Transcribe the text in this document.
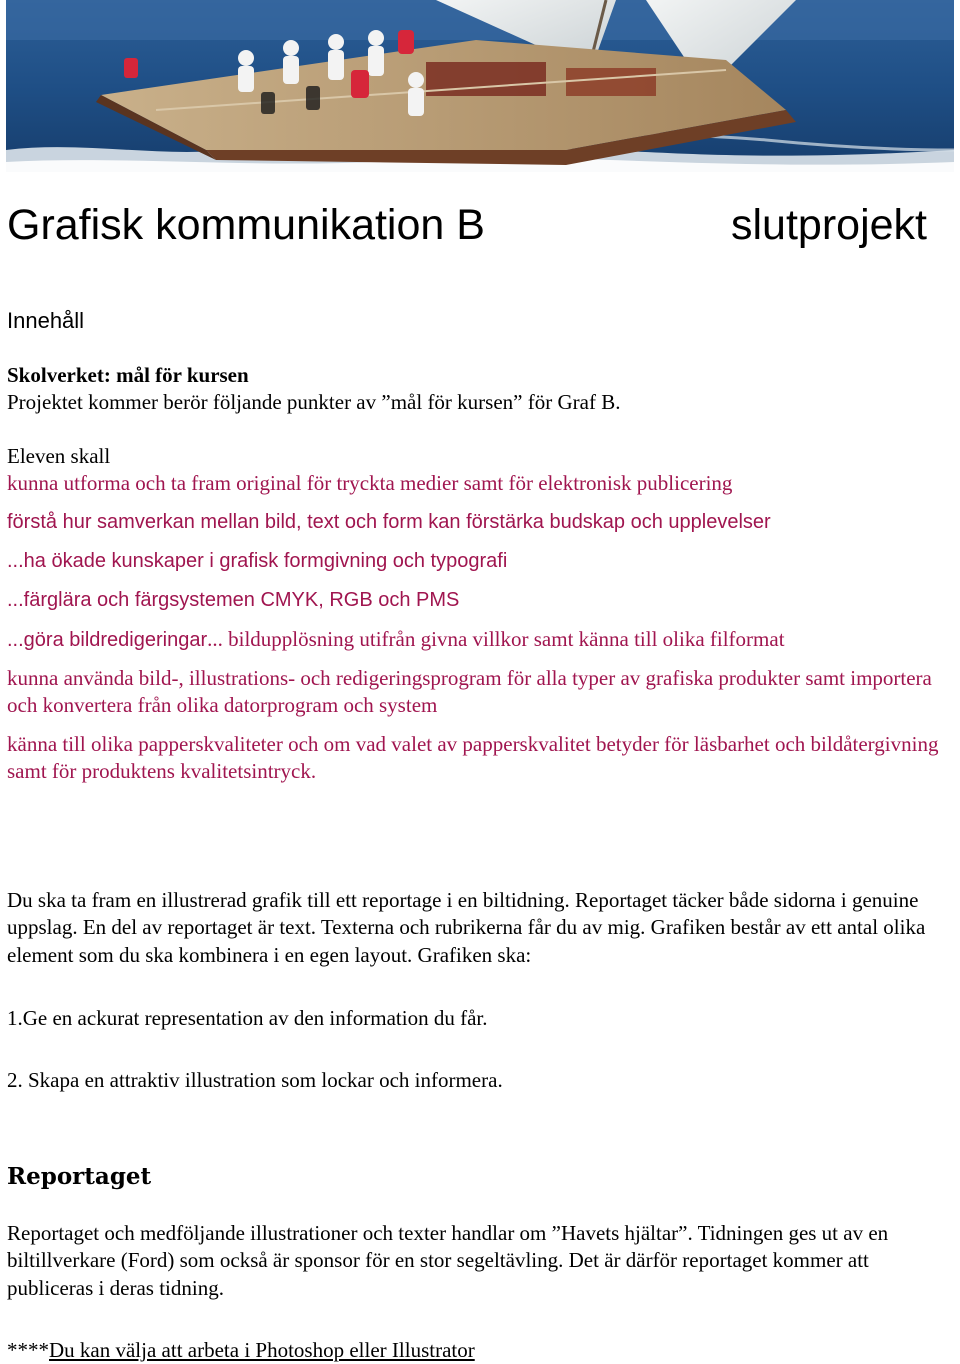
Grafisk kommunikation B	slutprojekt
Innehåll
Skolverket: mål för kursen
Projektet kommer berör följande punkter av ”mål för kursen” för Graf B.
Eleven skall
kunna utforma och ta fram original för tryckta medier samt för elektronisk publicering
förstå hur samverkan mellan bild, text och form kan förstärka budskap och upplevelser
...ha ökade kunskaper i grafisk formgivning och typografi
...färglära och färgsystemen CMYK, RGB och PMS
...göra bildredigeringar... bildupplösning utifrån givna villkor samt känna till olika filformat
kunna använda bild-, illustrations- och redigeringsprogram för alla typer av grafiska produkter samt importera och konvertera från olika datorprogram och system
känna till olika papperskvaliteter och om vad valet av papperskvalitet betyder för läsbarhet och bildåtergivning samt för produktens kvalitetsintryck.
Du ska ta fram en illustrerad grafik till ett reportage i en biltidning. Reportaget täcker både sidorna i genuine uppslag. En del av reportaget är text. Texterna och rubrikerna får du av mig. Grafiken består av ett antal olika element som du ska kombinera i en egen layout. Grafiken ska:
1.Ge en ackurat representation av den information du får.
2. Skapa en attraktiv illustration som lockar och informera.
Reportaget
Reportaget och medföljande illustrationer och texter handlar om ”Havets hjältar”. Tidningen ges ut av en biltillverkare (Ford) som också är sponsor för en stor segeltävling. Det är därför reportaget kommer att publiceras i deras tidning.
****Du kan välja att arbeta i Photoshop eller Illustrator
